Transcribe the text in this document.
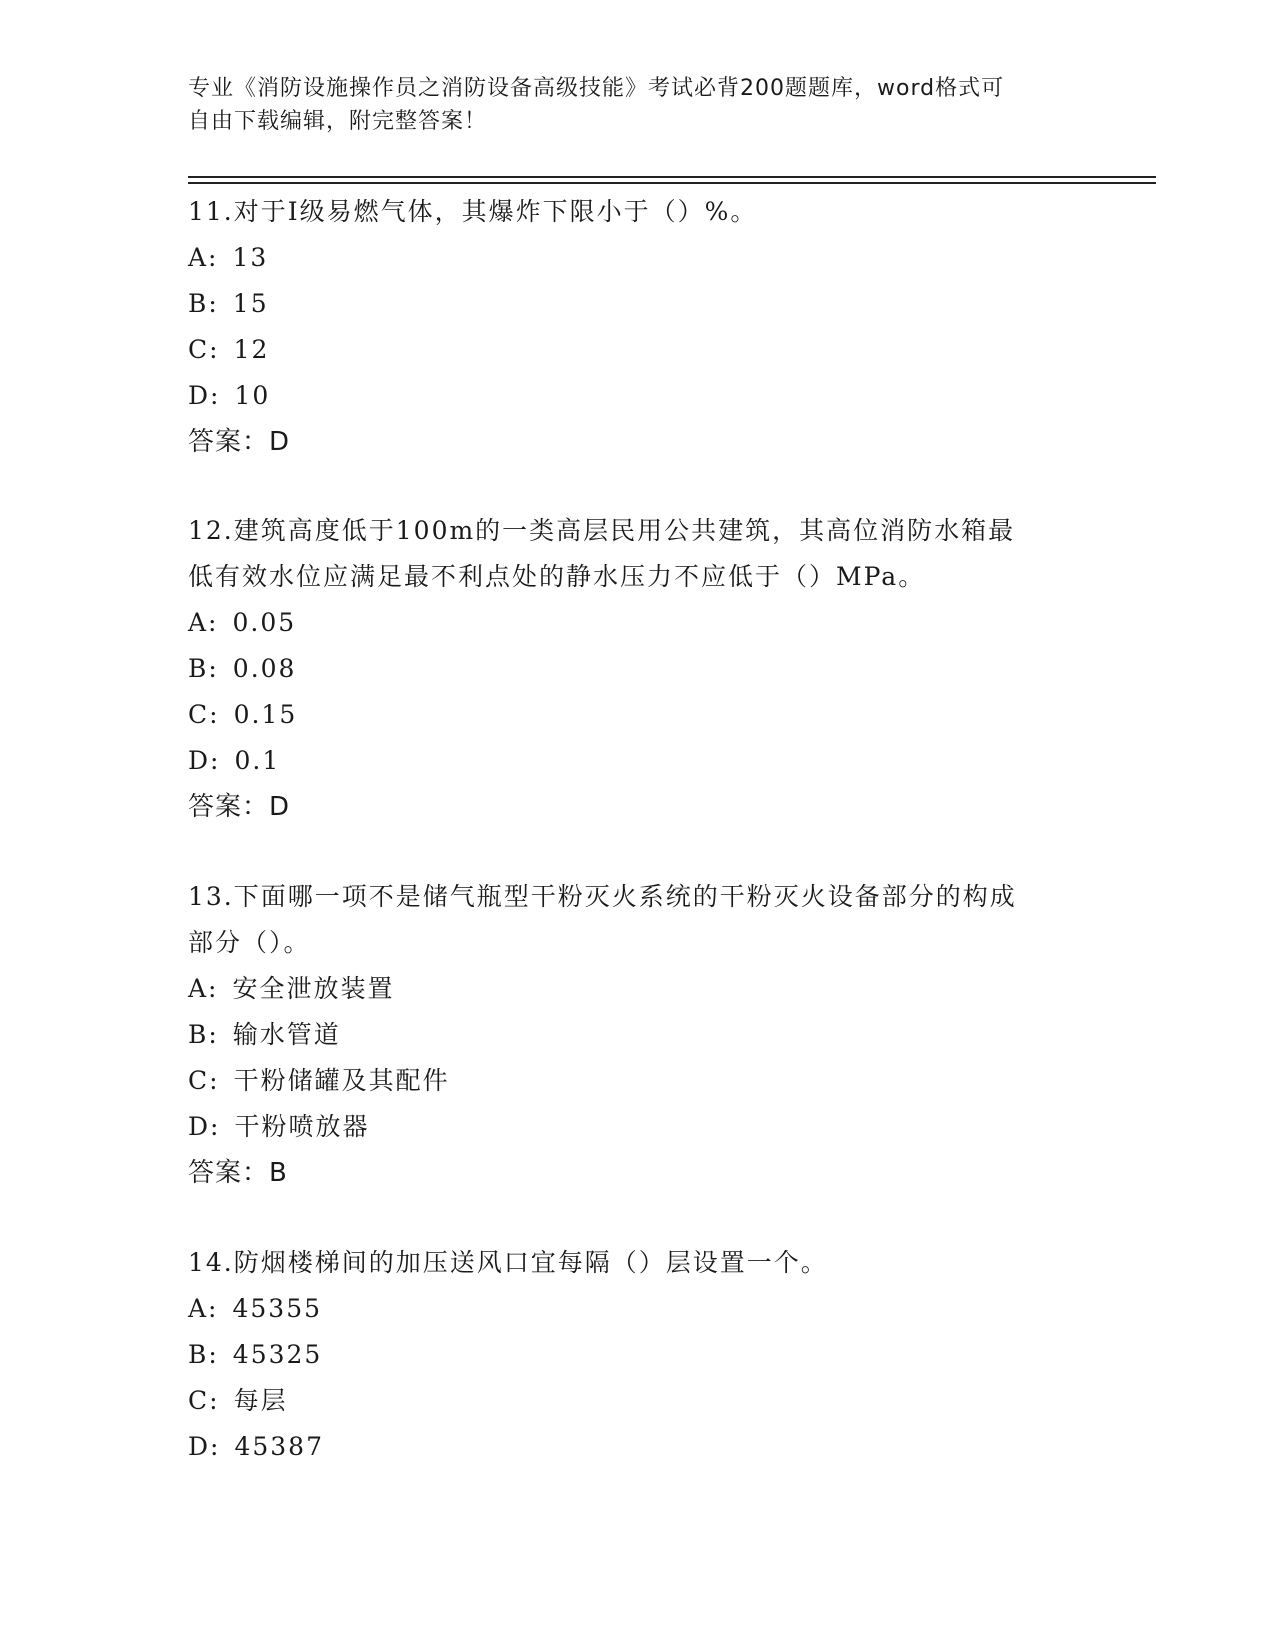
专业《消防设施操作员之消防设备高级技能》考试必背200题题库，word格式可
自由下载编辑，附完整答案！

11.对于Ⅰ级易燃气体，其爆炸下限小于（）%。

A: 13

B: 15

C: 12

D: 10

答案：D

12.建筑高度低于100m的一类高层民用公共建筑，其高位消防水箱最

低有效水位应满足最不利点处的静水压力不应低于（）MPa。

A: 0.05

B: 0.08

C: 0.15

D: 0.1

答案：D

13.下面哪一项不是储气瓶型干粉灭火系统的干粉灭火设备部分的构成

部分（）。

A: 安全泄放装置

B: 输水管道

C: 干粉储罐及其配件

D: 干粉喷放器

答案：B

14.防烟楼梯间的加压送风口宜每隔（）层设置一个。

A: 45355

B: 45325

C: 每层

D: 45387
